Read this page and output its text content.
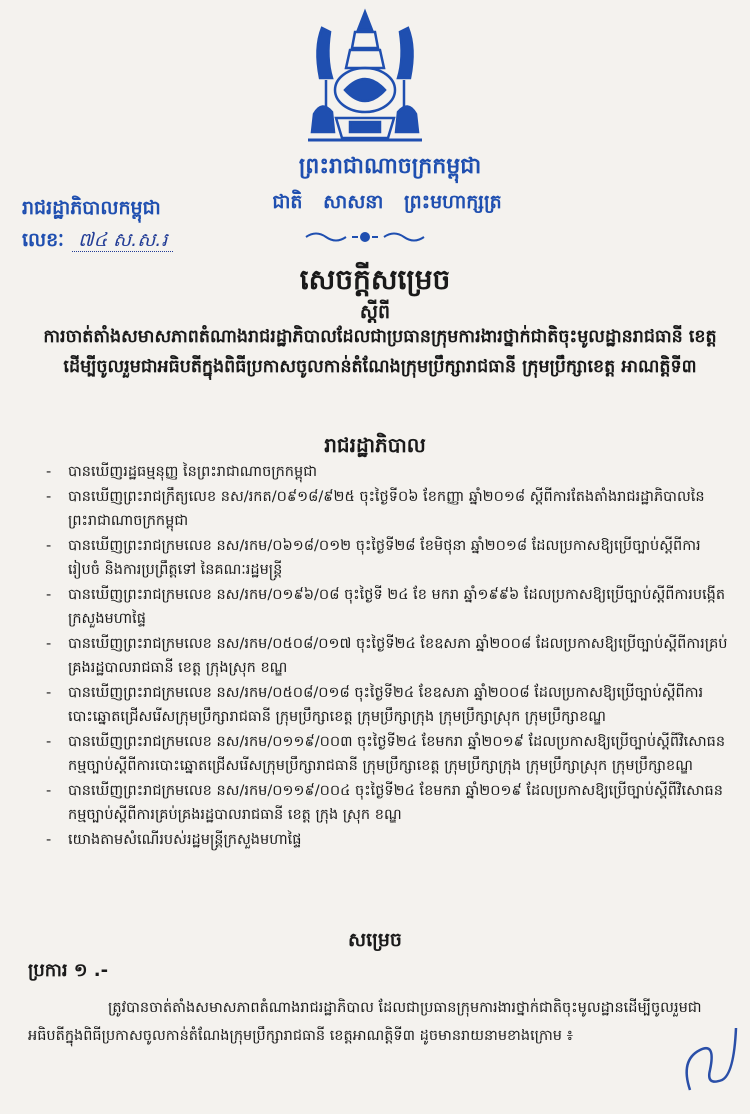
ព្រះរាជាណាចក្រកម្ពុជា
ជាតិ សាសនា ព្រះមហាក្សត្រ
រាជរដ្ឋាភិបាលកម្ពុជា
លេខៈ ៧៤ ស.ស.រ
សេចក្ដីសម្រេច
ស្ដីពី
ការចាត់តាំងសមាសភាពតំណាងរាជរដ្ឋាភិបាលដែលជាប្រធានក្រុមការងារថ្នាក់ជាតិចុះមូលដ្ឋានរាជធានី ខេត្ត ដើម្បីចូលរួមជាអធិបតីក្នុងពិធីប្រកាសចូលកាន់តំណែងក្រុមប្រឹក្សារាជធានី ក្រុមប្រឹក្សាខេត្ត អាណត្តិទី៣
រាជរដ្ឋាភិបាល
- បានឃើញរដ្ឋធម្មនុញ្ញ នៃព្រះរាជាណាចក្រកម្ពុជា
- បានឃើញព្រះរាជក្រឹត្យលេខ នស/រកត/០៩១៨/៩២៥ ចុះថ្ងៃទី០៦ ខែកញ្ញា ឆ្នាំ២០១៨ ស្ដីពីការតែងតាំងរាជរដ្ឋាភិបាលនៃព្រះរាជាណាចក្រកម្ពុជា
- បានឃើញព្រះរាជក្រមលេខ នស/រកម/០៦១៨/០១២ ចុះថ្ងៃទី២៨ ខែមិថុនា ឆ្នាំ២០១៨ ដែលប្រកាសឱ្យប្រើច្បាប់ស្ដីពីការរៀបចំ និងការប្រព្រឹត្តទៅ នៃគណៈរដ្ឋមន្ត្រី
- បានឃើញព្រះរាជក្រមលេខ នស/រកម/០១៩៦/០៨ ចុះថ្ងៃទី ២៤ ខែ មករា ឆ្នាំ១៩៩៦ ដែលប្រកាសឱ្យប្រើច្បាប់ស្ដីពីការបង្កើតក្រសួងមហាផ្ទៃ
- បានឃើញព្រះរាជក្រមលេខ នស/រកម/០៥០៨/០១៧ ចុះថ្ងៃទី២៤ ខែឧសភា ឆ្នាំ២០០៨ ដែលប្រកាសឱ្យប្រើច្បាប់ស្ដីពីការគ្រប់គ្រងរដ្ឋបាលរាជធានី ខេត្ត ក្រុងស្រុក ខណ្ឌ
- បានឃើញព្រះរាជក្រមលេខ នស/រកម/០៥០៨/០១៨ ចុះថ្ងៃទី២៤ ខែឧសភា ឆ្នាំ២០០៨ ដែលប្រកាសឱ្យប្រើច្បាប់ស្ដីពីការបោះឆ្នោតជ្រើសរើសក្រុមប្រឹក្សារាជធានី ក្រុមប្រឹក្សាខេត្ត ក្រុមប្រឹក្សាក្រុង ក្រុមប្រឹក្សាស្រុក ក្រុមប្រឹក្សាខណ្ឌ
- បានឃើញព្រះរាជក្រមលេខ នស/រកម/០១១៩/០០៣ ចុះថ្ងៃទី២៤ ខែមករា ឆ្នាំ២០១៩ ដែលប្រកាសឱ្យប្រើច្បាប់ស្ដីពីវិសោធនកម្មច្បាប់ស្ដីពីការបោះឆ្នោតជ្រើសរើសក្រុមប្រឹក្សារាជធានី ក្រុមប្រឹក្សាខេត្ត ក្រុមប្រឹក្សាក្រុង ក្រុមប្រឹក្សាស្រុក ក្រុមប្រឹក្សាខណ្ឌ
- បានឃើញព្រះរាជក្រមលេខ នស/រកម/០១១៩/០០៤ ចុះថ្ងៃទី២៤ ខែមករា ឆ្នាំ២០១៩ ដែលប្រកាសឱ្យប្រើច្បាប់ស្ដីពីវិសោធនកម្មច្បាប់ស្ដីពីការគ្រប់គ្រងរដ្ឋបាលរាជធានី ខេត្ត ក្រុង ស្រុក ខណ្ឌ
- យោងតាមសំណើរបស់រដ្ឋមន្ត្រីក្រសួងមហាផ្ទៃ
សម្រេច
ប្រការ ១ .-
ត្រូវបានចាត់តាំងសមាសភាពតំណាងរាជរដ្ឋាភិបាល ដែលជាប្រធានក្រុមការងារថ្នាក់ជាតិចុះមូលដ្ឋានដើម្បីចូលរួមជាអធិបតីក្នុងពិធីប្រកាសចូលកាន់តំណែងក្រុមប្រឹក្សារាជធានី ខេត្តអាណត្តិទី៣ ដូចមានរាយនាមខាងក្រោម ៖
